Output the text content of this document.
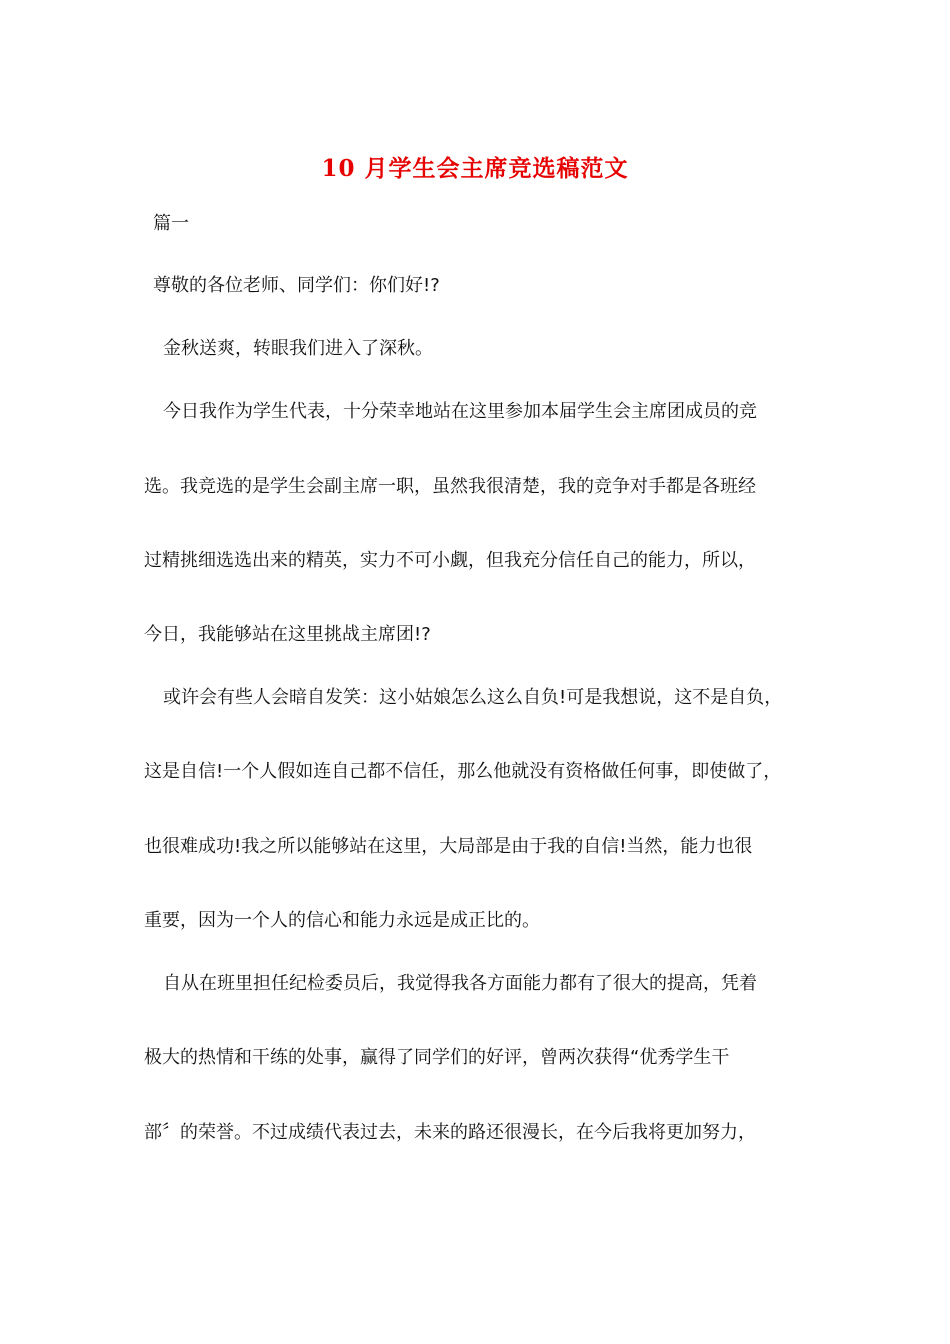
10 月学生会主席竞选稿范文
篇一
尊敬的各位老师、同学们：你们好!?
金秋送爽，转眼我们进入了深秋。
今日我作为学生代表，十分荣幸地站在这里参加本届学生会主席团成员的竞
选。我竞选的是学生会副主席一职，虽然我很清楚，我的竞争对手都是各班经
过精挑细选选出来的精英，实力不可小觑，但我充分信任自己的能力，所以，
今日，我能够站在这里挑战主席团!?
或许会有些人会暗自发笑：这小姑娘怎么这么自负!可是我想说，这不是自负，
这是自信!一个人假如连自己都不信任，那么他就没有资格做任何事，即使做了，
也很难成功!我之所以能够站在这里，大局部是由于我的自信!当然，能力也很
重要，因为一个人的信心和能力永远是成正比的。
自从在班里担任纪检委员后，我觉得我各方面能力都有了很大的提高，凭着
极大的热情和干练的处事，赢得了同学们的好评，曾两次获得“优秀学生干
部〞的荣誉。不过成绩代表过去，未来的路还很漫长，在今后我将更加努力，
